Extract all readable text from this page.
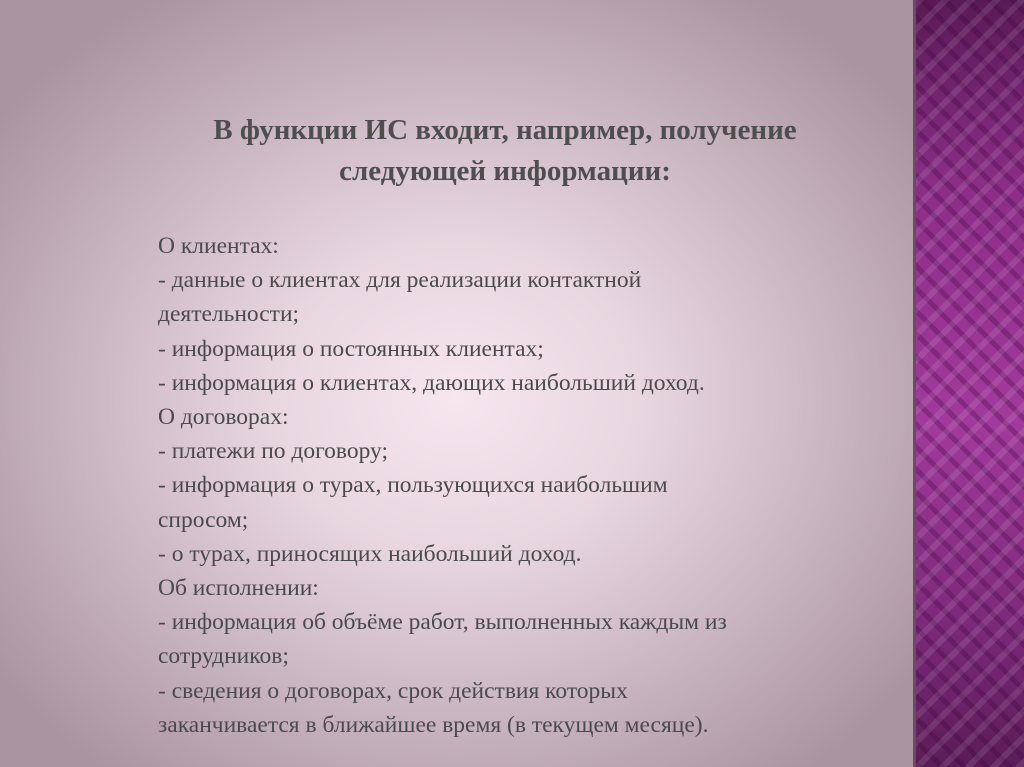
В функции ИС входит, например, получение
следующей информации:
О клиентах:
- данные о клиентах для реализации контактной
деятельности;
- информация о постоянных клиентах;
- информация о клиентах, дающих наибольший доход.
О договорах:
- платежи по договору;
- информация о турах, пользующихся наибольшим
спросом;
- о турах, приносящих наибольший доход.
Об исполнении:
- информация об объёме работ, выполненных каждым из
сотрудников;
- сведения о договорах, срок действия которых
заканчивается в ближайшее время (в текущем месяце).
